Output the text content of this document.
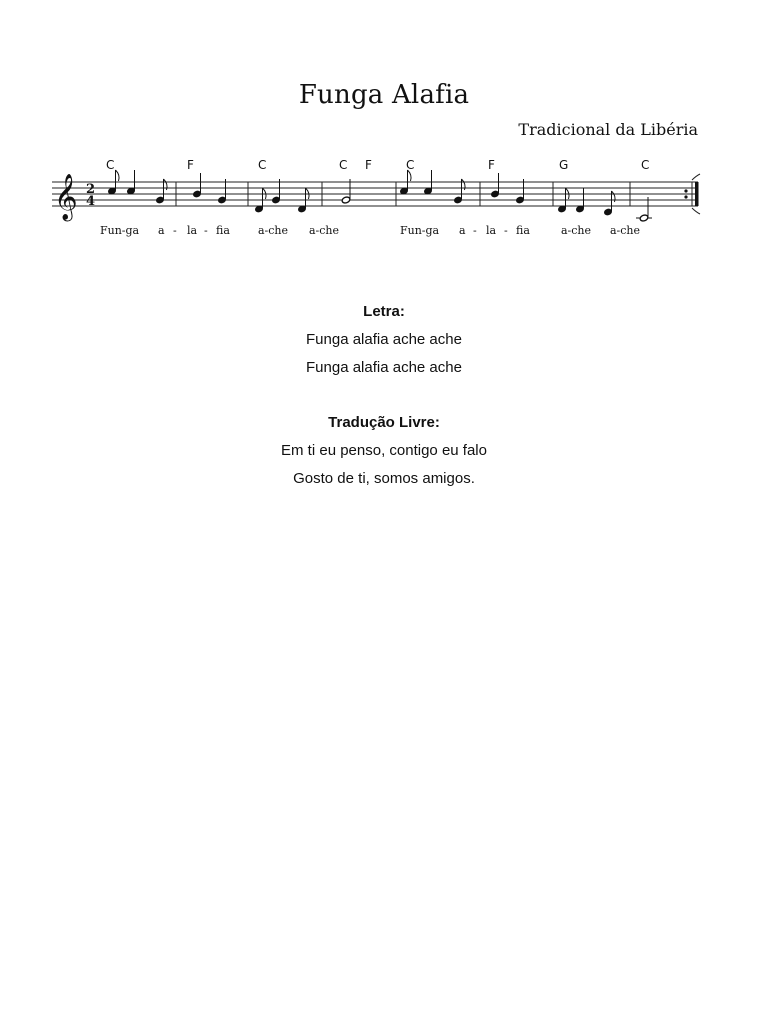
Funga Alafia
Tradicional da Libéria
𝄞 2
4
C	F	C	C F	C	F	G	C
Fun-ga a - la - fia	a-che a-che	Fun-ga a - la - fia	a-che a-che
Letra:
Funga alafia ache ache
Funga alafia ache ache
Tradução Livre:
Em ti eu penso, contigo eu falo
Gosto de ti, somos amigos.
